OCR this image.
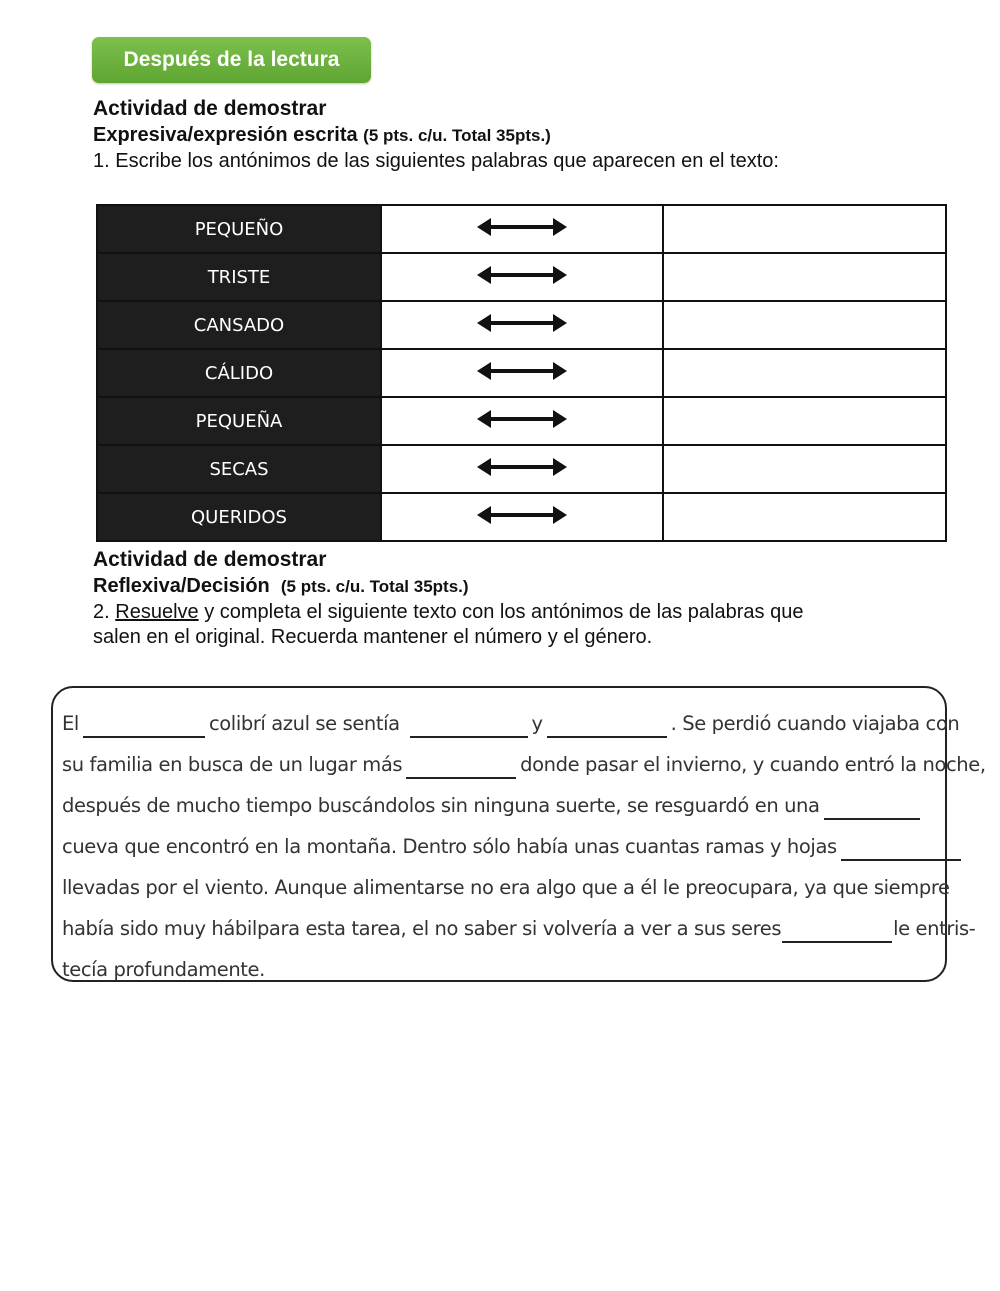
Después de la lectura
Actividad de demostrar
Expresiva/expresión escrita (5 pts. c/u. Total 35pts.)
1. Escribe los antónimos de las siguientes palabras que aparecen en el texto:
PEQUEÑO		
TRISTE		
CANSADO		
CÁLIDO		
PEQUEÑA		
SECAS		
QUERIDOS		
Actividad de demostrar
Reflexiva/Decisión (5 pts. c/u. Total 35pts.)
2. Resuelve y completa el siguiente texto con los antónimos de las palabras que
salen en el original. Recuerda mantener el número y el género.
El	colibrí azul se sentía
	y	. Se perdió cuando viajaba con
su familia en busca de un lugar más	donde pasar el invierno, y cuando entró la noche,
después de mucho tiempo buscándolos sin ninguna suerte, se resguardó en una
cueva que encontró en la montaña. Dentro sólo había unas cuantas ramas y hojas
llevadas por el viento. Aunque alimentarse no era algo que a él le preocupara, ya que siempre
había sido muy hábilpara esta tarea, el no saber si volvería a ver a sus seres	le entris-
tecía profundamente.
